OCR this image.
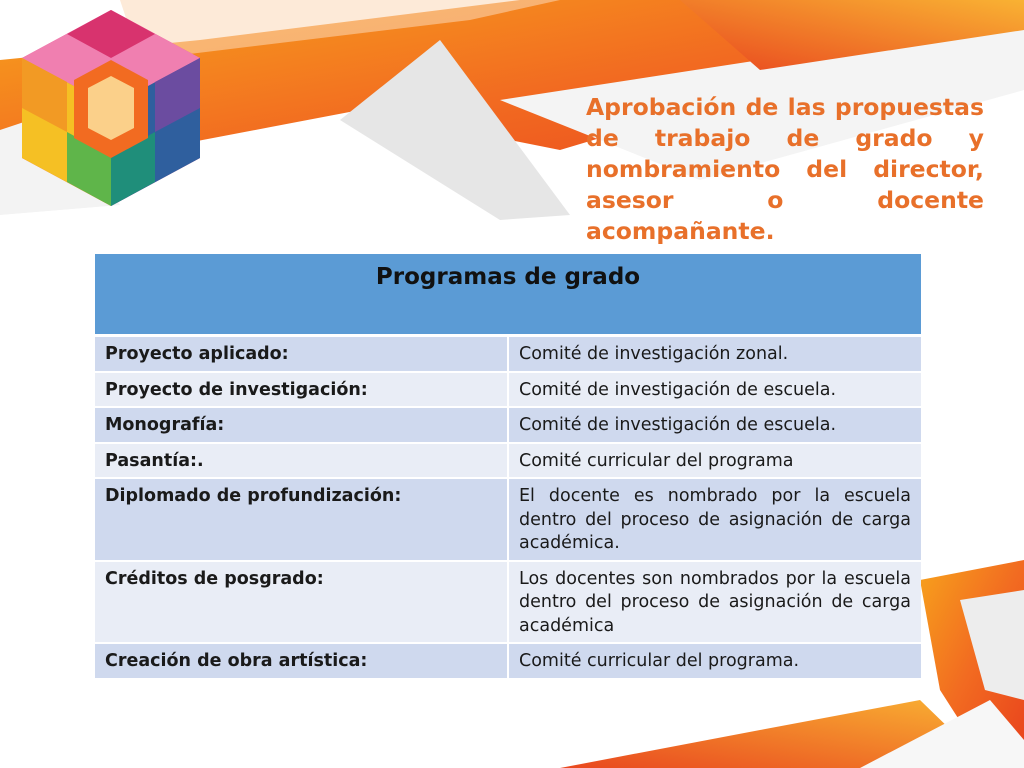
Aprobación de las propuestas de trabajo de grado y nombramiento del director, asesor o docente acompañante.

Programas de grado	
Proyecto aplicado:	Comité de investigación zonal.
Proyecto de investigación:	Comité de investigación de escuela.
Monografía:	Comité de investigación de escuela.
Pasantía:.	Comité curricular del programa
Diplomado de profundización:	El docente es nombrado por la escuela dentro del proceso de asignación de carga académica.
Créditos de posgrado:	Los docentes son nombrados por la escuela dentro del proceso de asignación de carga académica
Creación de obra artística:	Comité curricular del programa.
